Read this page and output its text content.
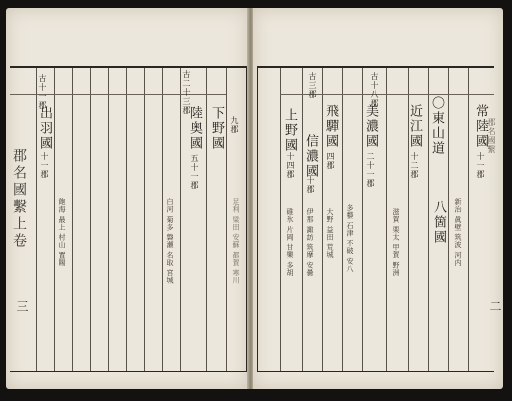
郡名國繫上卷
三
古十一郡	古二十三郡
出羽國
十一郡
飽海 最上 村山 置賜
陸奥國
五十一郡
白河 菊多 磐瀬 名取 宮城
下野國 九郡
足利 梁田 安蘇 都賀 寒川

郡名國繫
二
古三郡	古十八郡
常陸國
十一郡
新治 眞壁 筑波 河内
〇東山道
八箇國
近江國
十二郡
滋賀 栗太 甲賀 野洲
美濃國
二十一郡
多藝 石津 不破 安八
飛驒國
四郡
大野 益田 荒城
信濃國
十郡
伊那 諏訪 筑摩 安曇
上野國
十四郡
碓氷 片岡 甘樂 多胡
